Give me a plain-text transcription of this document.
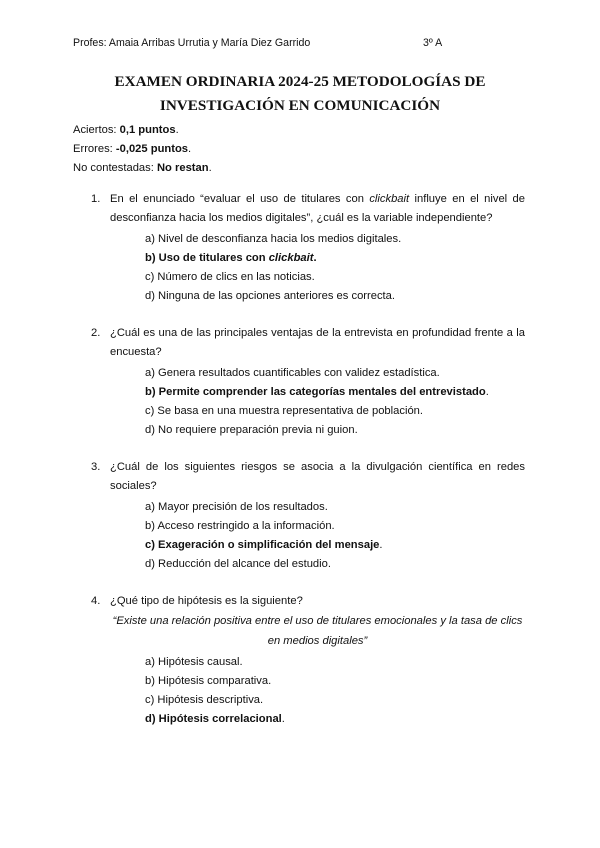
Profes: Amaia Arribas Urrutia y María Diez Garrido	3º A
EXAMEN ORDINARIA 2024-25 METODOLOGÍAS DE
INVESTIGACIÓN EN COMUNICACIÓN
Aciertos: 0,1 puntos.
Errores: -0,025 puntos.
No contestadas: No restan.
1. En el enunciado “evaluar el uso de titulares con clickbait influye en el nivel de desconfianza hacia los medios digitales”, ¿cuál es la variable independiente?
a) Nivel de desconfianza hacia los medios digitales.
b) Uso de titulares con clickbait.
c) Número de clics en las noticias.
d) Ninguna de las opciones anteriores es correcta.
2. ¿Cuál es una de las principales ventajas de la entrevista en profundidad frente a la encuesta?
a) Genera resultados cuantificables con validez estadística.
b) Permite comprender las categorías mentales del entrevistado.
c) Se basa en una muestra representativa de población.
d) No requiere preparación previa ni guion.
3. ¿Cuál de los siguientes riesgos se asocia a la divulgación científica en redes sociales?
a) Mayor precisión de los resultados.
b) Acceso restringido a la información.
c) Exageración o simplificación del mensaje.
d) Reducción del alcance del estudio.
4. ¿Qué tipo de hipótesis es la siguiente?
“Existe una relación positiva entre el uso de titulares emocionales y la tasa de clics
en medios digitales”
a) Hipótesis causal.
b) Hipótesis comparativa.
c) Hipótesis descriptiva.
d) Hipótesis correlacional.
